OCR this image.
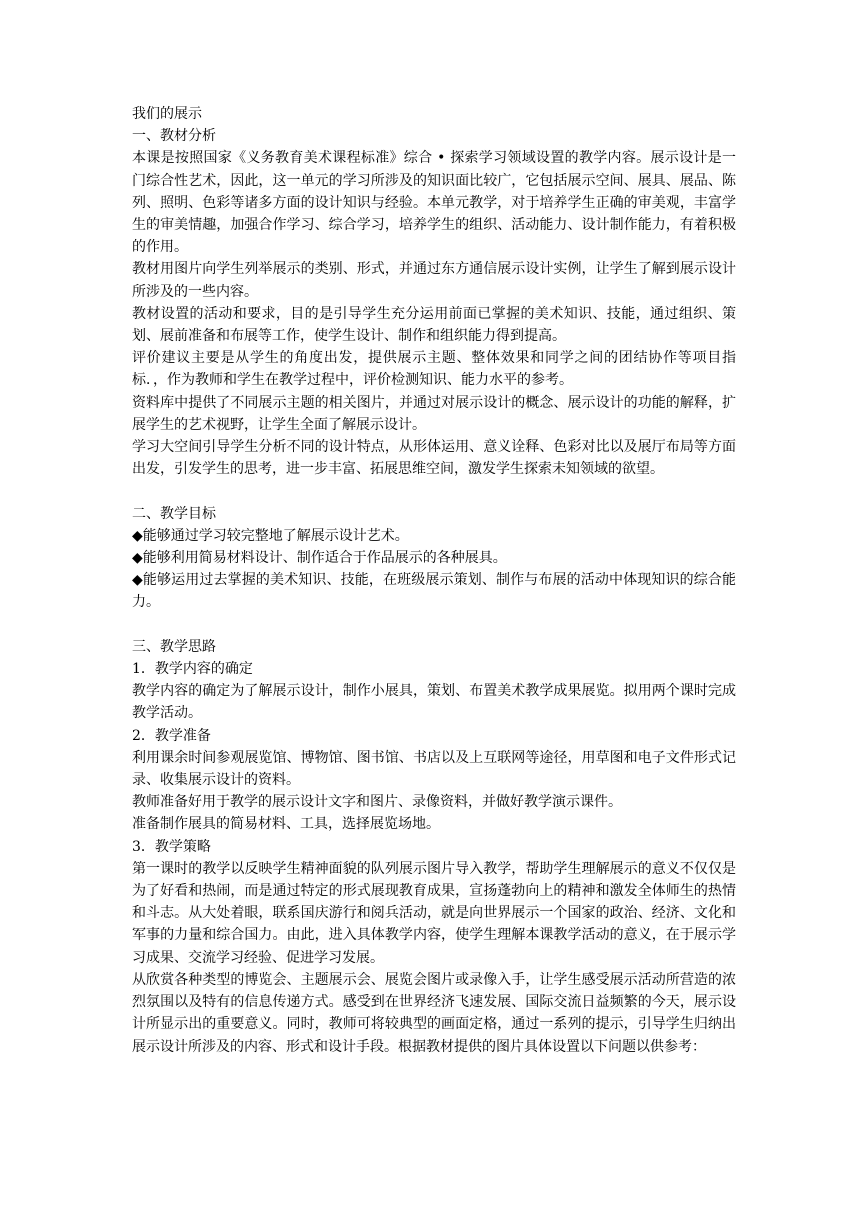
我们的展示

一、教材分析

本课是按照国家《义务教育美术课程标准》综合 • 探索学习领域设置的教学内容。展示设计是一门综合性艺术，因此，这一单元的学习所涉及的知识面比较广，它包括展示空间、展具、展品、陈列、照明、色彩等诸多方面的设计知识与经验。本单元教学，对于培养学生正确的审美观，丰富学生的审美情趣，加强合作学习、综合学习，培养学生的组织、活动能力、设计制作能力，有着积极的作用。

教材用图片向学生列举展示的类别、形式，并通过东方通信展示设计实例，让学生了解到展示设计所涉及的一些内容。

教材设置的活动和要求，目的是引导学生充分运用前面已掌握的美术知识、技能，通过组织、策划、展前准备和布展等工作，使学生设计、制作和组织能力得到提高。

评价建议主要是从学生的角度出发，提供展示主题、整体效果和同学之间的团结协作等项目指标．，作为教师和学生在教学过程中，评价检测知识、能力水平的参考。

资料库中提供了不同展示主题的相关图片，并通过对展示设计的概念、展示设计的功能的解释，扩展学生的艺术视野，让学生全面了解展示设计。

学习大空间引导学生分析不同的设计特点，从形体运用、意义诠释、色彩对比以及展厅布局等方面出发，引发学生的思考，进一步丰富、拓展思维空间，激发学生探索未知领域的欲望。

二、教学目标

◆能够通过学习较完整地了解展示设计艺术。

◆能够利用简易材料设计、制作适合于作品展示的各种展具。

◆能够运用过去掌握的美术知识、技能，在班级展示策划、制作与布展的活动中体现知识的综合能力。

三、教学思路

1．教学内容的确定

教学内容的确定为了解展示设计，制作小展具，策划、布置美术教学成果展览。拟用两个课时完成教学活动。

2．教学准备

利用课余时间参观展览馆、博物馆、图书馆、书店以及上互联网等途径，用草图和电子文件形式记录、收集展示设计的资料。

教师准备好用于教学的展示设计文字和图片、录像资料，并做好教学演示课件。

准备制作展具的简易材料、工具，选择展览场地。

3．教学策略

第一课时的教学以反映学生精神面貌的队列展示图片导入教学，帮助学生理解展示的意义不仅仅是为了好看和热闹，而是通过特定的形式展现教育成果，宣扬蓬勃向上的精神和激发全体师生的热情和斗志。从大处着眼，联系国庆游行和阅兵活动，就是向世界展示一个国家的政治、经济、文化和军事的力量和综合国力。由此，进入具体教学内容，使学生理解本课教学活动的意义，在于展示学习成果、交流学习经验、促进学习发展。

从欣赏各种类型的博览会、主题展示会、展览会图片或录像入手，让学生感受展示活动所营造的浓烈氛围以及特有的信息传递方式。感受到在世界经济飞速发展、国际交流日益频繁的今天，展示设计所显示出的重要意义。同时，教师可将较典型的画面定格，通过一系列的提示，引导学生归纳出展示设计所涉及的内容、形式和设计手段。根据教材提供的图片具体设置以下问题以供参考：
